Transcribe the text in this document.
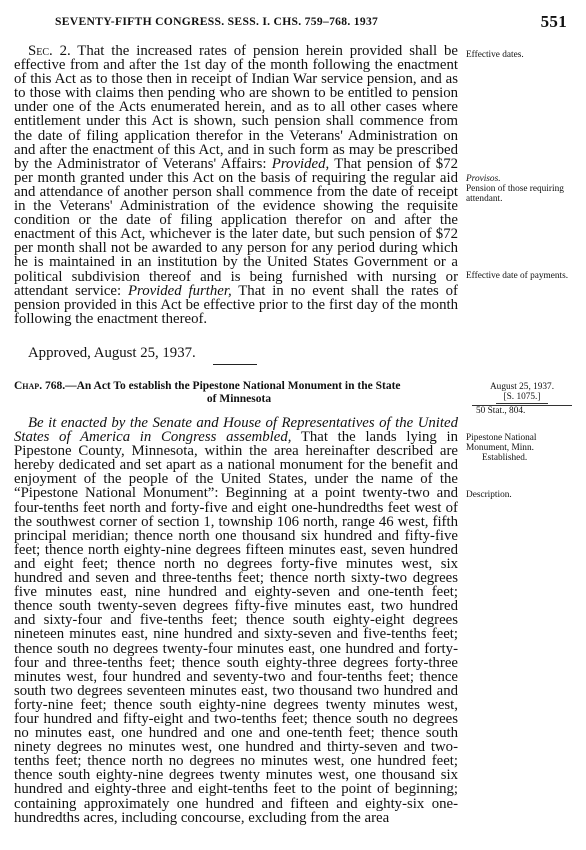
SEVENTY-FIFTH CONGRESS. SESS. I. CHS. 759–768. 1937	551

Sec. 2. That the increased rates of pension herein provided shall be effective from and after the 1st day of the month following the enactment of this Act as to those then in receipt of Indian War service pension, and as to those with claims then pending who are shown to be entitled to pension under one of the Acts enumerated herein, and as to all other cases where entitlement under this Act is shown, such pension shall commence from the date of filing application therefor in the Veterans' Administration on and after the enactment of this Act, and in such form as may be prescribed by the Administrator of Veterans' Affairs: Provided, That pension of $72 per month granted under this Act on the basis of requiring the regular aid and attendance of another person shall commence from the date of receipt in the Veterans' Administration of the evidence showing the requisite condition or the date of filing application therefor on and after the enactment of this Act, whichever is the later date, but such pension of $72 per month shall not be awarded to any person for any period during which he is maintained in an institution by the United States Government or a political subdivision thereof and is being furnished with nursing or attendant service: Provided further, That in no event shall the rates of pension provided in this Act be effective prior to the first day of the month following the enactment thereof.

Approved, August 25, 1937.
Chap. 768.—An Act To establish the Pipestone National Monument in the State
of Minnesota
August 25, 1937.
[S. 1075.]
50 Stat., 804.

Be it enacted by the Senate and House of Representatives of the United States of America in Congress assembled, That the lands lying in Pipestone County, Minnesota, within the area hereinafter described are hereby dedicated and set apart as a national monument for the benefit and enjoyment of the people of the United States, under the name of the “Pipestone National Monument”: Beginning at a point twenty-two and four-tenths feet north and forty-five and eight one-hundredths feet west of the southwest corner of section 1, township 106 north, range 46 west, fifth principal meridian; thence north one thousand six hundred and fifty-five feet; thence north eighty-nine degrees fifteen minutes east, seven hundred and eight feet; thence north no degrees forty-five minutes west, six hundred and seven and three-tenths feet; thence north sixty-two degrees five minutes east, nine hundred and eighty-seven and one-tenth feet; thence south twenty-seven degrees fifty-five minutes east, two hundred and sixty-four and five-tenths feet; thence south eighty-eight degrees nineteen minutes east, nine hundred and sixty-seven and five-tenths feet; thence south no degrees twenty-four minutes east, one hundred and forty-four and three-tenths feet; thence south eighty-three degrees forty-three minutes west, four hundred and seventy-two and four-tenths feet; thence south two degrees seventeen minutes east, two thousand two hundred and forty-nine feet; thence south eighty-nine degrees twenty minutes west, four hundred and fifty-eight and two-tenths feet; thence south no degrees no minutes east, one hundred and one and one-tenth feet; thence south ninety degrees no minutes west, one hundred and thirty-seven and two-tenths feet; thence north no degrees no minutes west, one hundred feet; thence south eighty-nine degrees twenty minutes west, one thousand six hundred and eighty-three and eight-tenths feet to the point of beginning; containing approximately one hundred and fifteen and eighty-six one-hundredths acres, including concourse, excluding from the area

Effective dates.
Provisos.
Pension of those requiring attendant.
Effective date of payments.
Pipestone National Monument, Minn.
Established.
Description.
